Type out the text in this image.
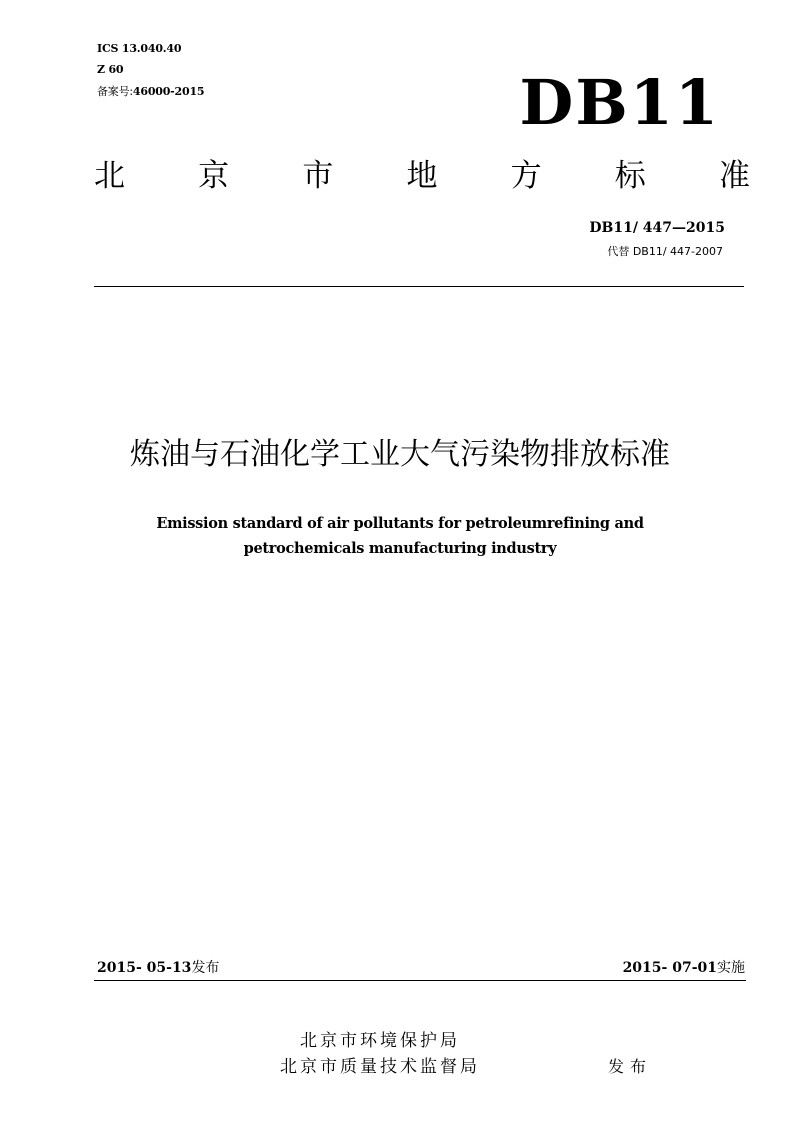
ICS 13.040.40
Z 60
备案号:46000-2015	DB11
北 京 市 地 方 标 准
DB11/ 447—2015
代替 DB11/ 447-2007
炼油与石油化学工业大气污染物排放标准
Emission standard of air pollutants for petroleumrefining and
petrochemicals manufacturing industry
2015- 05-13发布	2015- 07-01实施
北京市环境保护局
北京市质量技术监督局	发布
